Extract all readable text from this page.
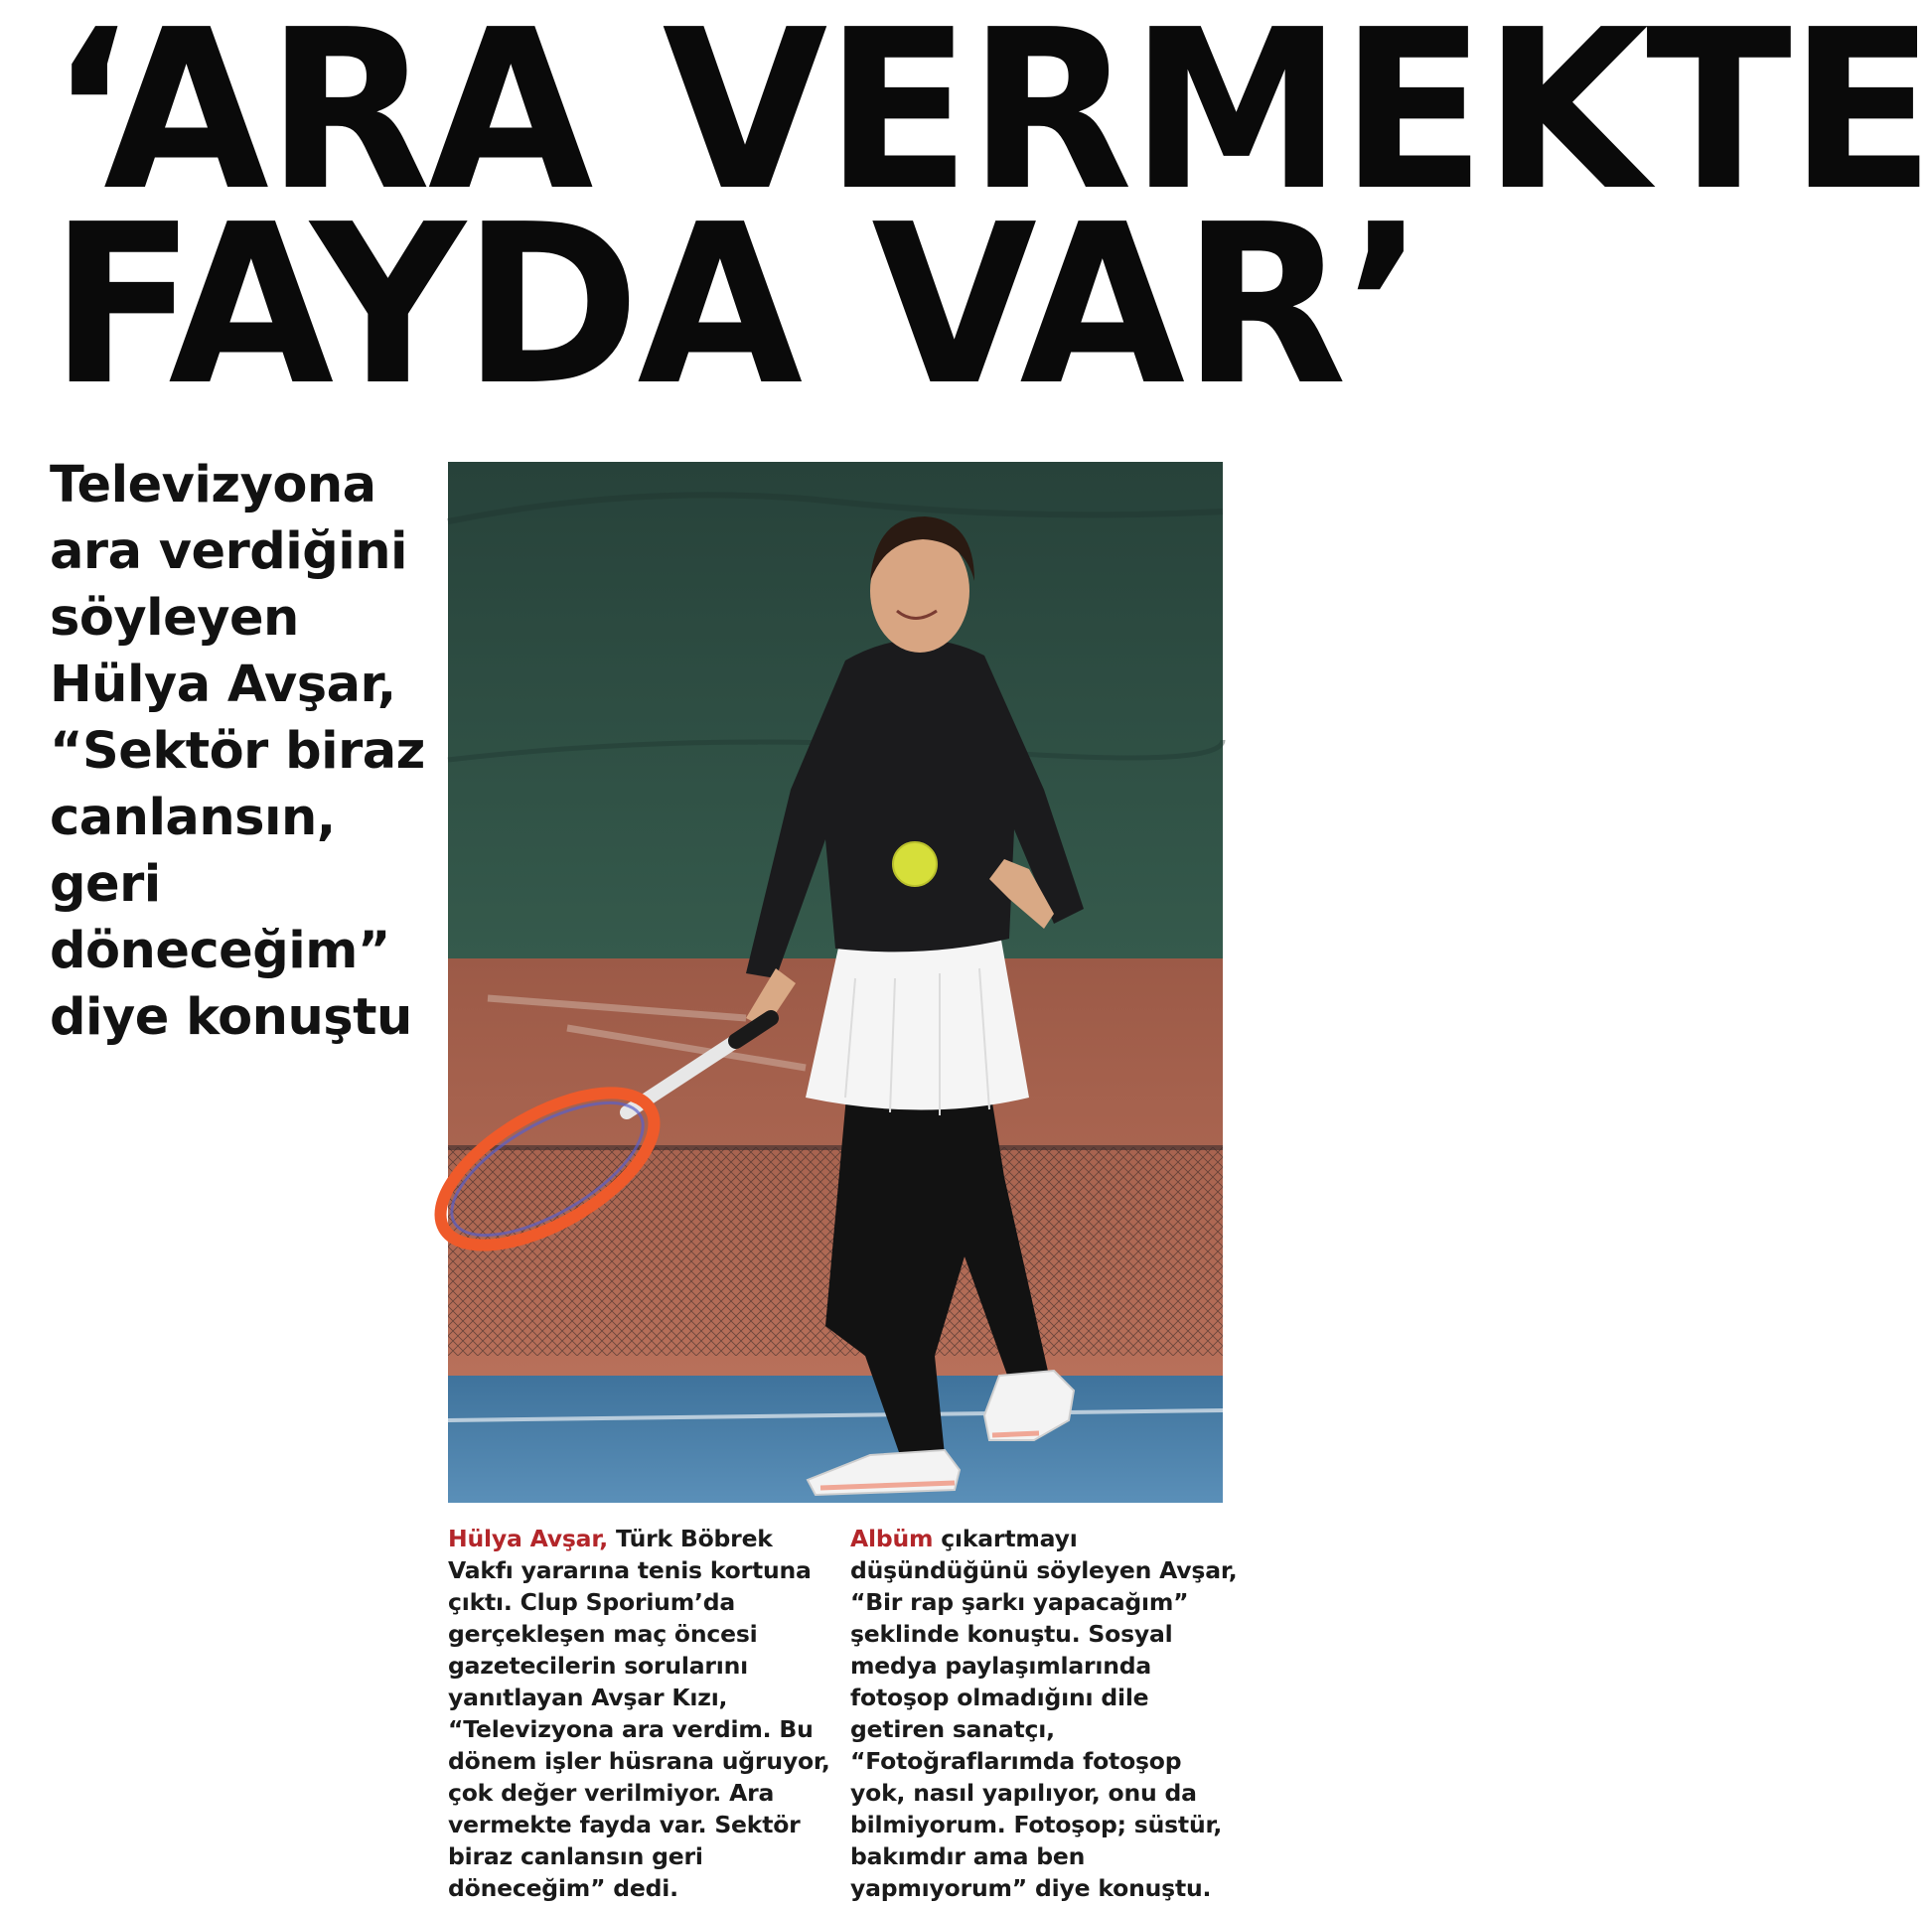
‘ARA VERMEKTE
FAYDA VAR’

Televizyona ara verdiğini söyleyen Hülya Avşar, “Sektör biraz canlansın, geri döneceğim” diye konuştu

Hülya Avşar, Türk Böbrek Vakfı yararına tenis kortuna çıktı. Clup Sporium’da gerçekleşen maç öncesi gazetecilerin sorularını yanıtlayan Avşar Kızı, “Televizyona ara verdim. Bu dönem işler hüsrana uğruyor, çok değer verilmiyor. Ara vermekte fayda var. Sektör biraz canlansın geri döneceğim” dedi.

Albüm çıkartmayı düşündüğünü söyleyen Avşar, “Bir rap şarkı yapacağım” şeklinde konuştu. Sosyal medya paylaşımlarında fotoşop olmadığını dile getiren sanatçı, “Fotoğraflarımda fotoşop yok, nasıl yapılıyor, onu da bilmiyorum. Fotoşop; süstür, bakımdır ama ben yapmıyorum” diye konuştu.
